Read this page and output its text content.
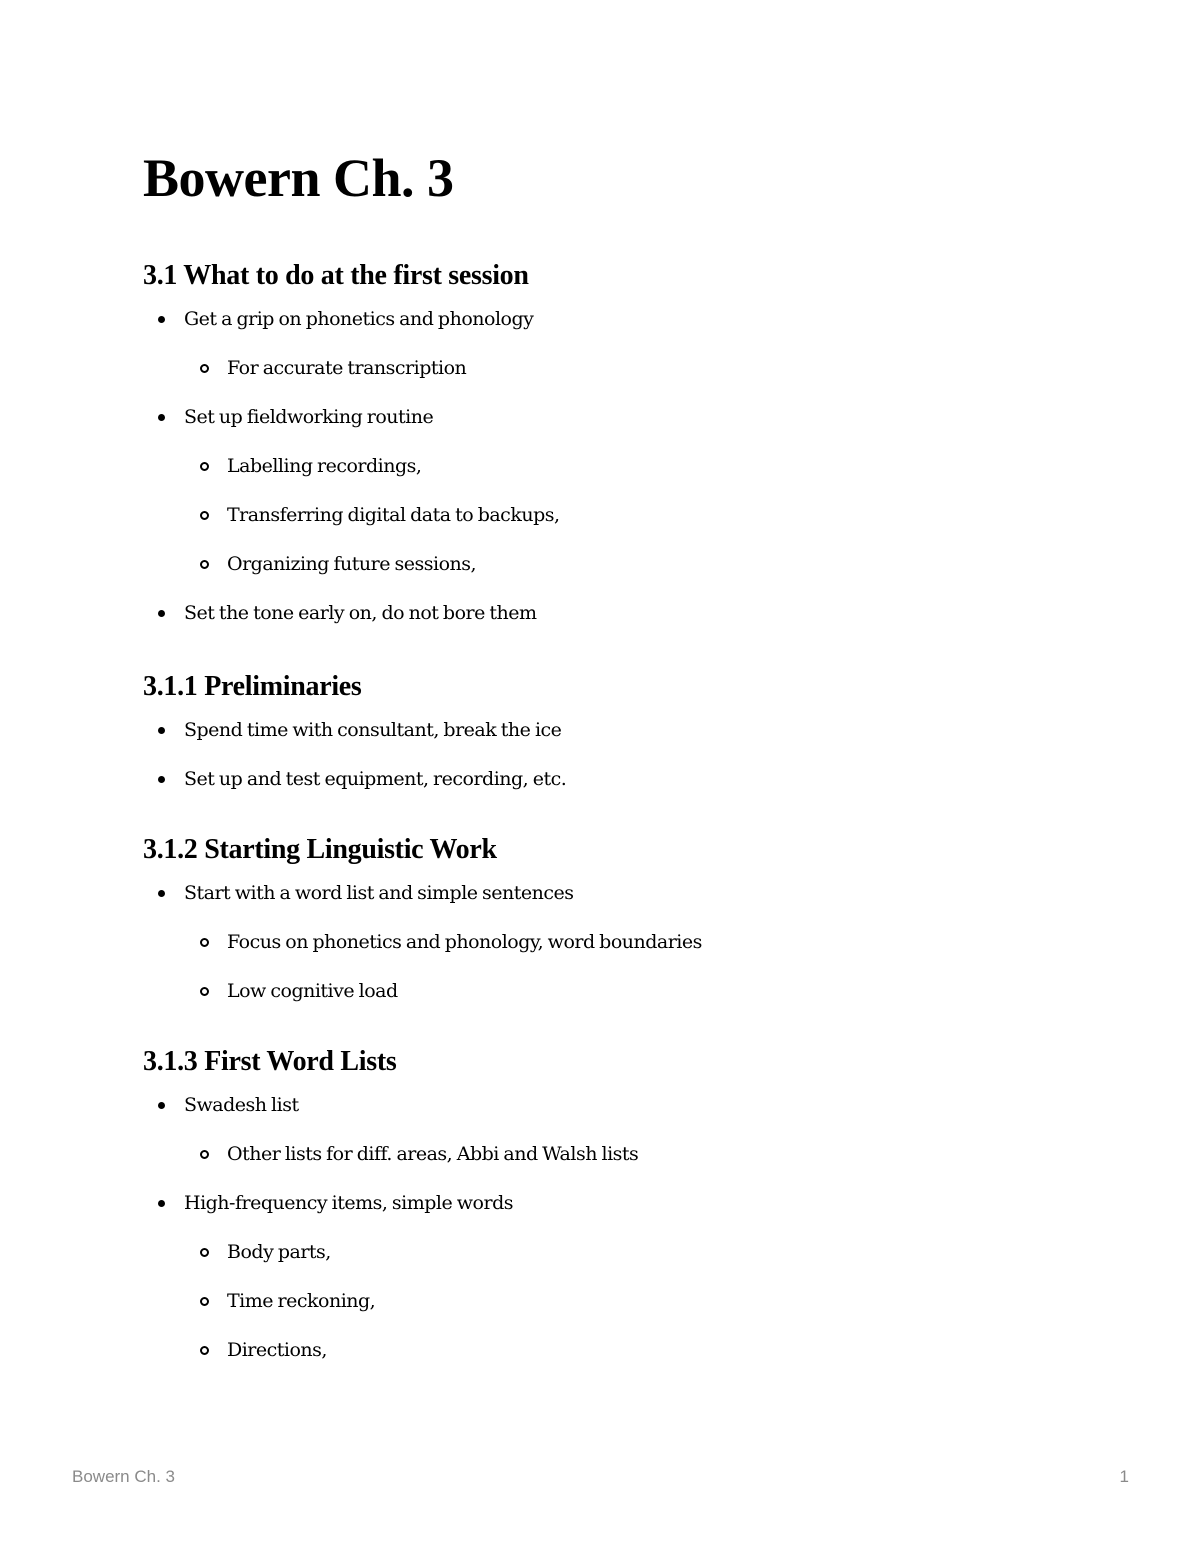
Bowern Ch. 3
3.1 What to do at the first session
Get a grip on phonetics and phonology
For accurate transcription
Set up fieldworking routine
Labelling recordings,
Transferring digital data to backups,
Organizing future sessions,
Set the tone early on, do not bore them
3.1.1 Preliminaries
Spend time with consultant, break the ice
Set up and test equipment, recording, etc.
3.1.2 Starting Linguistic Work
Start with a word list and simple sentences
Focus on phonetics and phonology, word boundaries
Low cognitive load
3.1.3 First Word Lists
Swadesh list
Other lists for diff. areas, Abbi and Walsh lists
High-frequency items, simple words
Body parts,
Time reckoning,
Directions,
Bowern Ch. 3	1
